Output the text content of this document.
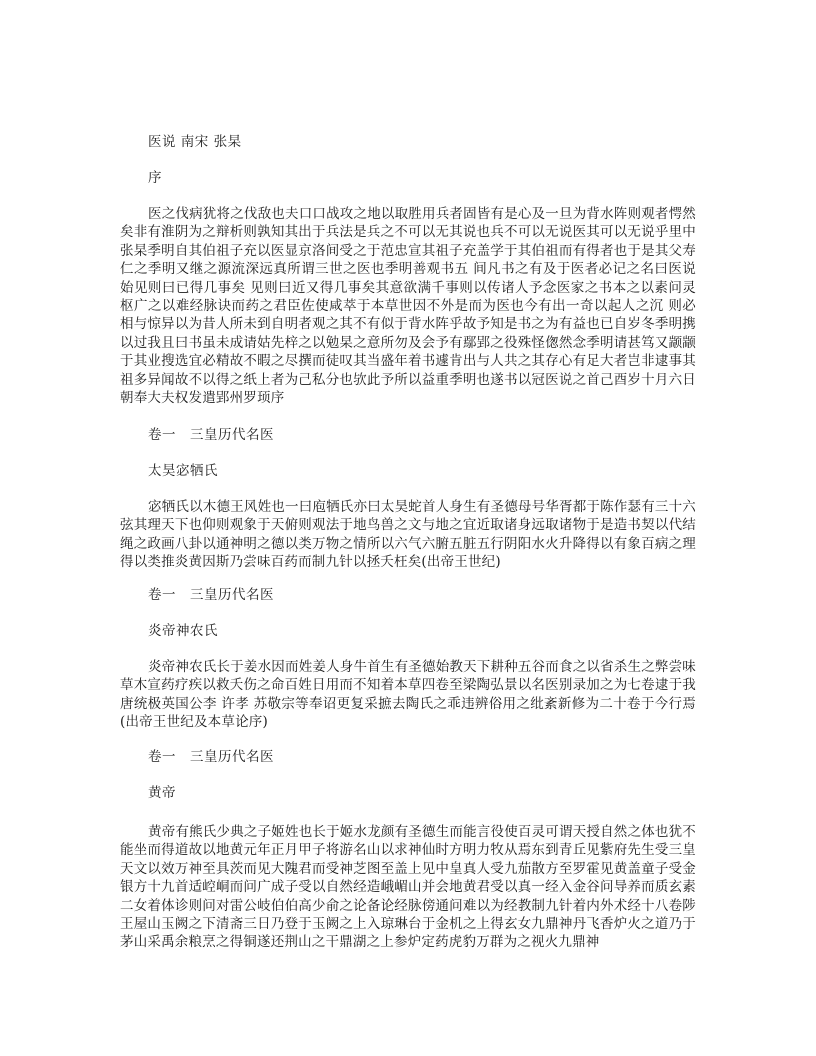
医说 南宋 张杲
序
医之伐病犹将之伐敌也夫口口战攻之地以取胜用兵者固皆有是心及一旦为背水阵则观者愕然矣非有淮阴为之辩析则孰知其出于兵法是兵之不可以无其说也兵不可以无说医其可以无说乎里中张杲季明自其伯祖子充以医显京洛间受之于范忠宣其祖子充盖学于其伯祖而有得者也于是其父寿仁之季明又继之源流深远真所谓三世之医也季明善观书五 间凡书之有及于医者必记之名曰医说始见则曰已得几事矣 见则曰近又得几事矣其意欲满千事则以传诸人予念医家之书本之以素问灵枢广之以难经脉诀而药之君臣佐使咸萃于本草世因不外是而为医也今有出一奇以起人之沉 则必相与惊异以为昔人所未到自明者观之其不有似于背水阵乎故予知是书之为有益也已自岁冬季明携以过我且曰书虽未成请姑先梓之以勉杲之意所勿及会予有鄢郢之役殊怪偬然念季明请甚笃又颛颛于其业搜选宜必精故不暇之尽撰而徒叹其当盛年着书遽肯出与人共之其存心有足大者岂非逮事其祖多异闻故不以得之纸上者为己私分也欤此予所以益重季明也遂书以冠医说之首己酉岁十月六日朝奉大夫权发遣郢州罗顼序
卷一　三皇历代名医
太昊宓牺氏
宓牺氏以木德王风姓也一曰庖牺氏亦曰太昊蛇首人身生有圣德母号华胥都于陈作瑟有三十六弦其理天下也仰则观象于天俯则观法于地鸟兽之文与地之宜近取诸身远取诸物于是造书契以代结绳之政画八卦以通神明之德以类万物之情所以六气六腑五脏五行阴阳水火升降得以有象百病之理得以类推炎黄因斯乃尝味百药而制九针以拯夭枉矣(出帝王世纪)
卷一　三皇历代名医
炎帝神农氏
炎帝神农氏长于姜水因而姓姜人身牛首生有圣德始教天下耕种五谷而食之以省杀生之弊尝味草木宣药疗疾以救夭伤之命百姓日用而不知着本草四卷至梁陶弘景以名医别录加之为七卷逮于我唐统极英国公李 许孝 苏敬宗等奉诏更复采摭去陶氏之乖违辨俗用之纰紊新修为二十卷于今行焉(出帝王世纪及本草论序)
卷一　三皇历代名医
黄帝
黄帝有熊氏少典之子姬姓也长于姬水龙颜有圣德生而能言役使百灵可谓天授自然之体也犹不能坐而得道故以地黄元年正月甲子将游名山以求神仙时方明力牧从焉东到青丘见紫府先生受三皇天文以效万神至具茨而见大隗君而受神芝图至盖上见中皇真人受九茄散方至罗霍见黄盖童子受金银方十九首适崆峒而问广成子受以自然经造峨嵋山并会地黄君受以真一经入金谷问导养而质玄素二女着体诊则问对雷公岐伯伯高少俞之论备论经脉傍通问难以为经教制九针着内外术经十八卷陟王屋山玉阙之下清斋三日乃登于玉阙之上入琼琳台于金机之上得玄女九鼎神丹飞香炉火之道乃于茅山采禹余粮烹之得铜遂还荆山之干鼎湖之上参炉定药虎豹万群为之视火九鼎神
